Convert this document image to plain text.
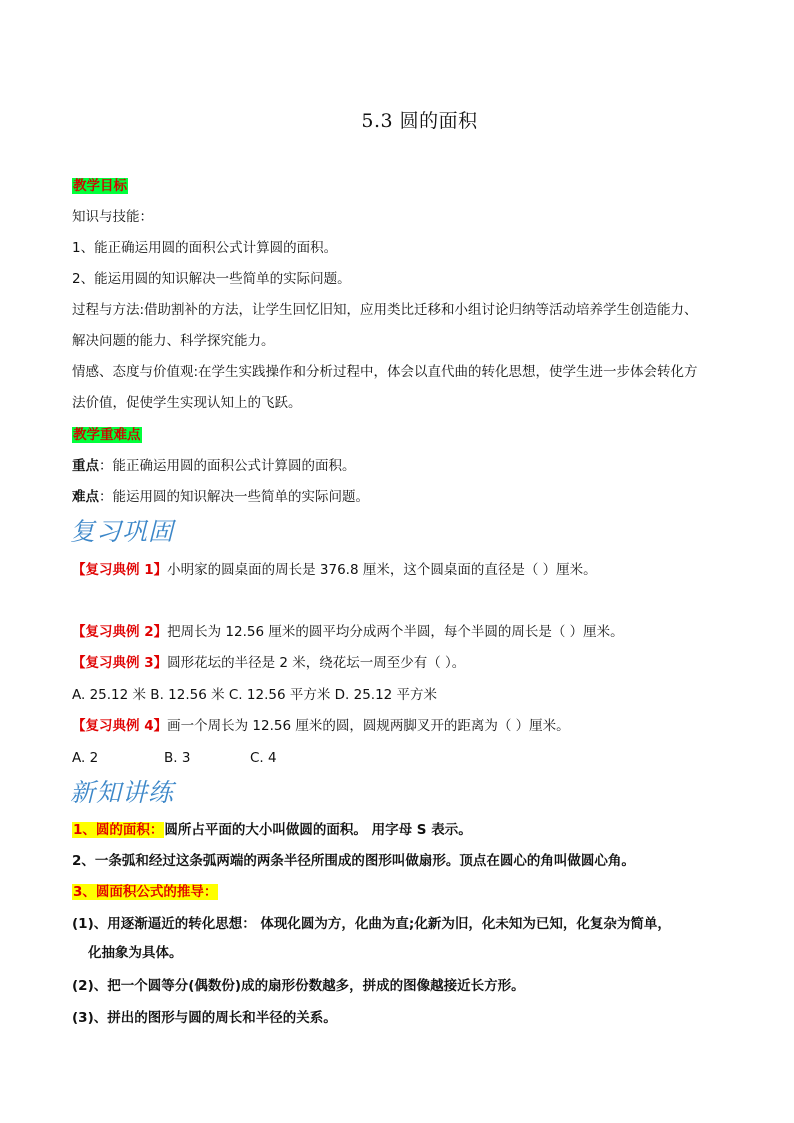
5.3 圆的面积
教学目标
知识与技能：
1、能正确运用圆的面积公式计算圆的面积。
2、能运用圆的知识解决一些简单的实际问题。
过程与方法:借助割补的方法，让学生回忆旧知，应用类比迁移和小组讨论归纳等活动培养学生创造能力、
解决问题的能力、科学探究能力。
情感、态度与价值观:在学生实践操作和分析过程中，体会以直代曲的转化思想，使学生进一步体会转化方
法价值，促使学生实现认知上的飞跃。
教学重难点
重点：能正确运用圆的面积公式计算圆的面积。
难点：能运用圆的知识解决一些简单的实际问题。
复习巩固
【复习典例 1】小明家的圆桌面的周长是 376.8 厘米，这个圆桌面的直径是（ ）厘米。
【复习典例 2】把周长为 12.56 厘米的圆平均分成两个半圆，每个半圆的周长是（ ）厘米。
【复习典例 3】圆形花坛的半径是 2 米，绕花坛一周至少有（ ）。
A. 25.12 米 B. 12.56 米 C. 12.56 平方米 D. 25.12 平方米
【复习典例 4】画一个周长为 12.56 厘米的圆，圆规两脚叉开的距离为（ ）厘米。
A. 2	B. 3	C. 4
新知讲练
1、圆的面积：圆所占平面的大小叫做圆的面积。 用字母 S 表示。
2、一条弧和经过这条弧两端的两条半径所围成的图形叫做扇形。顶点在圆心的角叫做圆心角。
3、圆面积公式的推导：
(1)、用逐渐逼近的转化思想： 体现化圆为方，化曲为直;化新为旧，化未知为已知，化复杂为简单，
化抽象为具体。
(2)、把一个圆等分(偶数份)成的扇形份数越多，拼成的图像越接近长方形。
(3)、拼出的图形与圆的周长和半径的关系。
